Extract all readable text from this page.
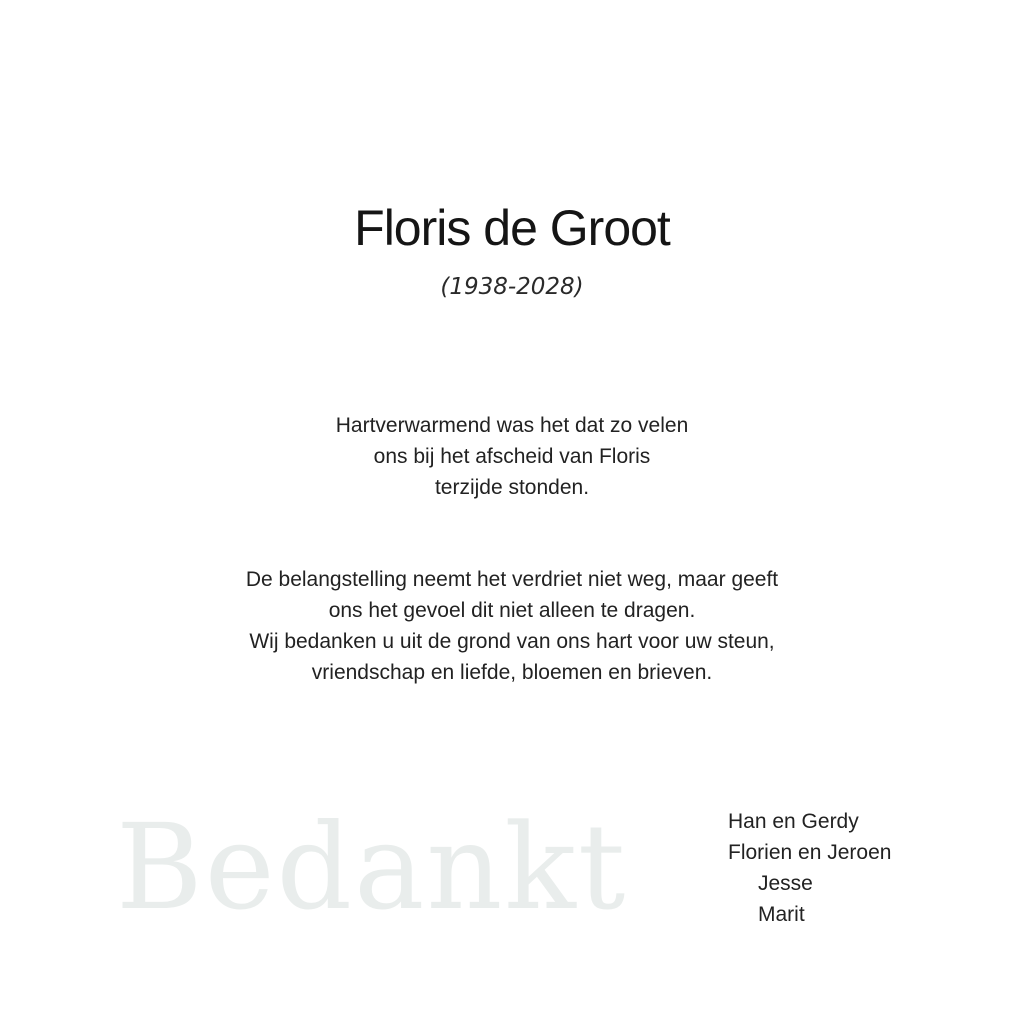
Bedankt
Floris de Groot
(1938-2028)
Hartverwarmend was het dat zo velen
ons bij het afscheid van Floris
terzijde stonden.
De belangstelling neemt het verdriet niet weg, maar geeft
ons het gevoel dit niet alleen te dragen.
Wij bedanken u uit de grond van ons hart voor uw steun,
vriendschap en liefde, bloemen en brieven.
Han en Gerdy
Florien en Jeroen
Jesse
Marit
